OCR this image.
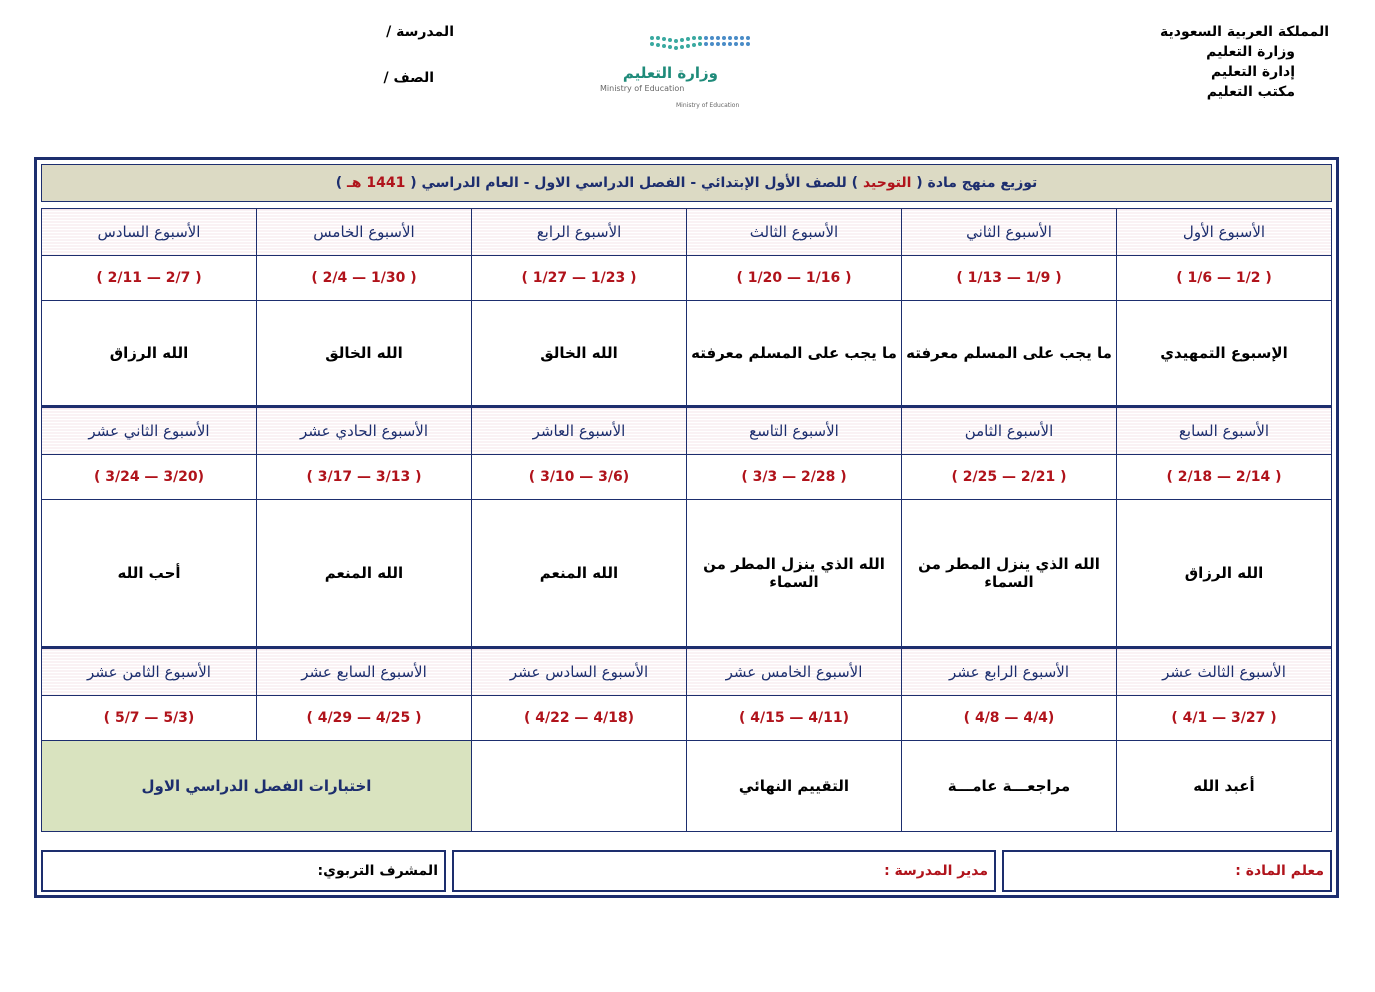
المملكة العربية السعودية
وزارة التعليم
إدارة التعليم
مكتب التعليم
المدرسة /
الصف /	وزارة التعليم
Ministry of Education
Ministry of Education
توزيع منهج مادة ( التوحيد ) للصف الأول الإبتدائي - الفصل الدراسي الاول - العام الدراسي ( 1441 هـ )
الأسبوع الأول	الأسبوع الثاني	الأسبوع الثالث	الأسبوع الرابع	الأسبوع الخامس	الأسبوع السادس
( 1/2 — 1/6 )	( 1/9 — 1/13 )	( 1/16 — 1/20 )	( 1/23 — 1/27 )	( 1/30 — 2/4 )	( 2/7 — 2/11 )
الإسبوع التمهيدي	ما يجب على المسلم معرفته	ما يجب على المسلم معرفته	الله الخالق	الله الخالق	الله الرزاق
الأسبوع السابع	الأسبوع الثامن	الأسبوع التاسع	الأسبوع العاشر	الأسبوع الحادي عشر	الأسبوع الثاني عشر
( 2/14 — 2/18 )	( 2/21 — 2/25 )	( 2/28 — 3/3 )	(3/6 — 3/10 )	( 3/13 — 3/17 )	(3/20 — 3/24 )
الله الرزاق	الله الذي ينزل المطر من السماء	الله الذي ينزل المطر من السماء	الله المنعم	الله المنعم	أحب الله
الأسبوع الثالث عشر	الأسبوع الرابع عشر	الأسبوع الخامس عشر	الأسبوع السادس عشر	الأسبوع السابع عشر	الأسبوع الثامن عشر
( 3/27 — 4/1 )	(4/4 — 4/8 )	(4/11 — 4/15 )	(4/18 — 4/22 )	( 4/25 — 4/29 )	(5/3 — 5/7 )
أعبد الله	مراجعـــة عامـــة	التقييم النهائي		اختبارات الفصل الدراسي الاول	
معلم المادة :
مدير المدرسة :
المشرف التربوي:
